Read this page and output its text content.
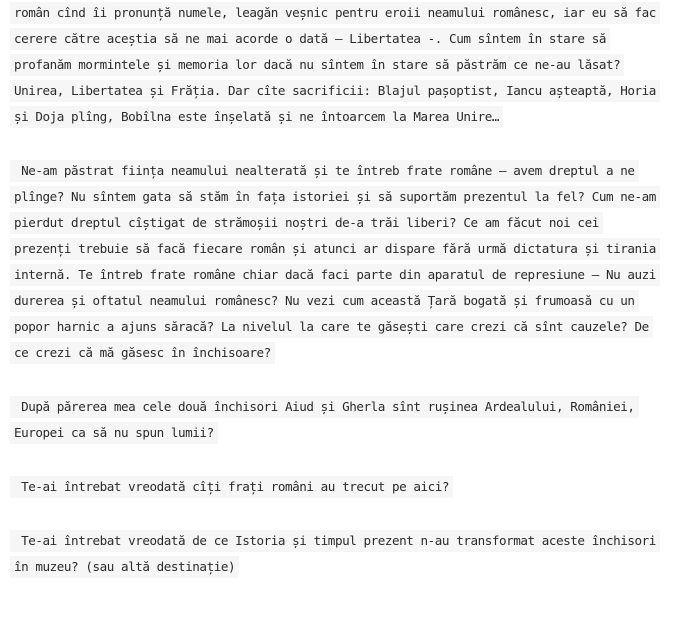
român cînd îi pronunță numele, leagăn veșnic pentru eroii neamului românesc, iar eu să fac
cerere către aceștia să ne mai acorde o dată – Libertatea -. Cum sîntem în stare să
profanăm mormintele și memoria lor dacă nu sîntem în stare să păstrăm ce ne-au lăsat?
Unirea, Libertatea și Frăția. Dar cîte sacrificii: Blajul pașoptist, Iancu așteaptă, Horia
și Doja plîng, Bobîlna este înșelată și ne întoarcem la Marea Unire…
Ne-am păstrat ființa neamului nealterată și te întreb frate române – avem dreptul a ne
plînge? Nu sîntem gata să stăm în fața istoriei și să suportăm prezentul la fel? Cum ne-am
pierdut dreptul cîștigat de strămoșii noștri de-a trăi liberi? Ce am făcut noi cei
prezenți trebuie să facă fiecare român și atunci ar dispare fără urmă dictatura și tirania
internă. Te întreb frate române chiar dacă faci parte din aparatul de represiune – Nu auzi
durerea și oftatul neamului românesc? Nu vezi cum această Țară bogată și frumoasă cu un
popor harnic a ajuns săracă? La nivelul la care te găsești care crezi că sînt cauzele? De
ce crezi că mă găsesc în închisoare?
După părerea mea cele două închisori Aiud și Gherla sînt rușinea Ardealului, României,
Europei ca să nu spun lumii?
Te-ai întrebat vreodată cîți frați români au trecut pe aici?
Te-ai întrebat vreodată de ce Istoria și timpul prezent n-au transformat aceste închisori
în muzeu? (sau altă destinație)
